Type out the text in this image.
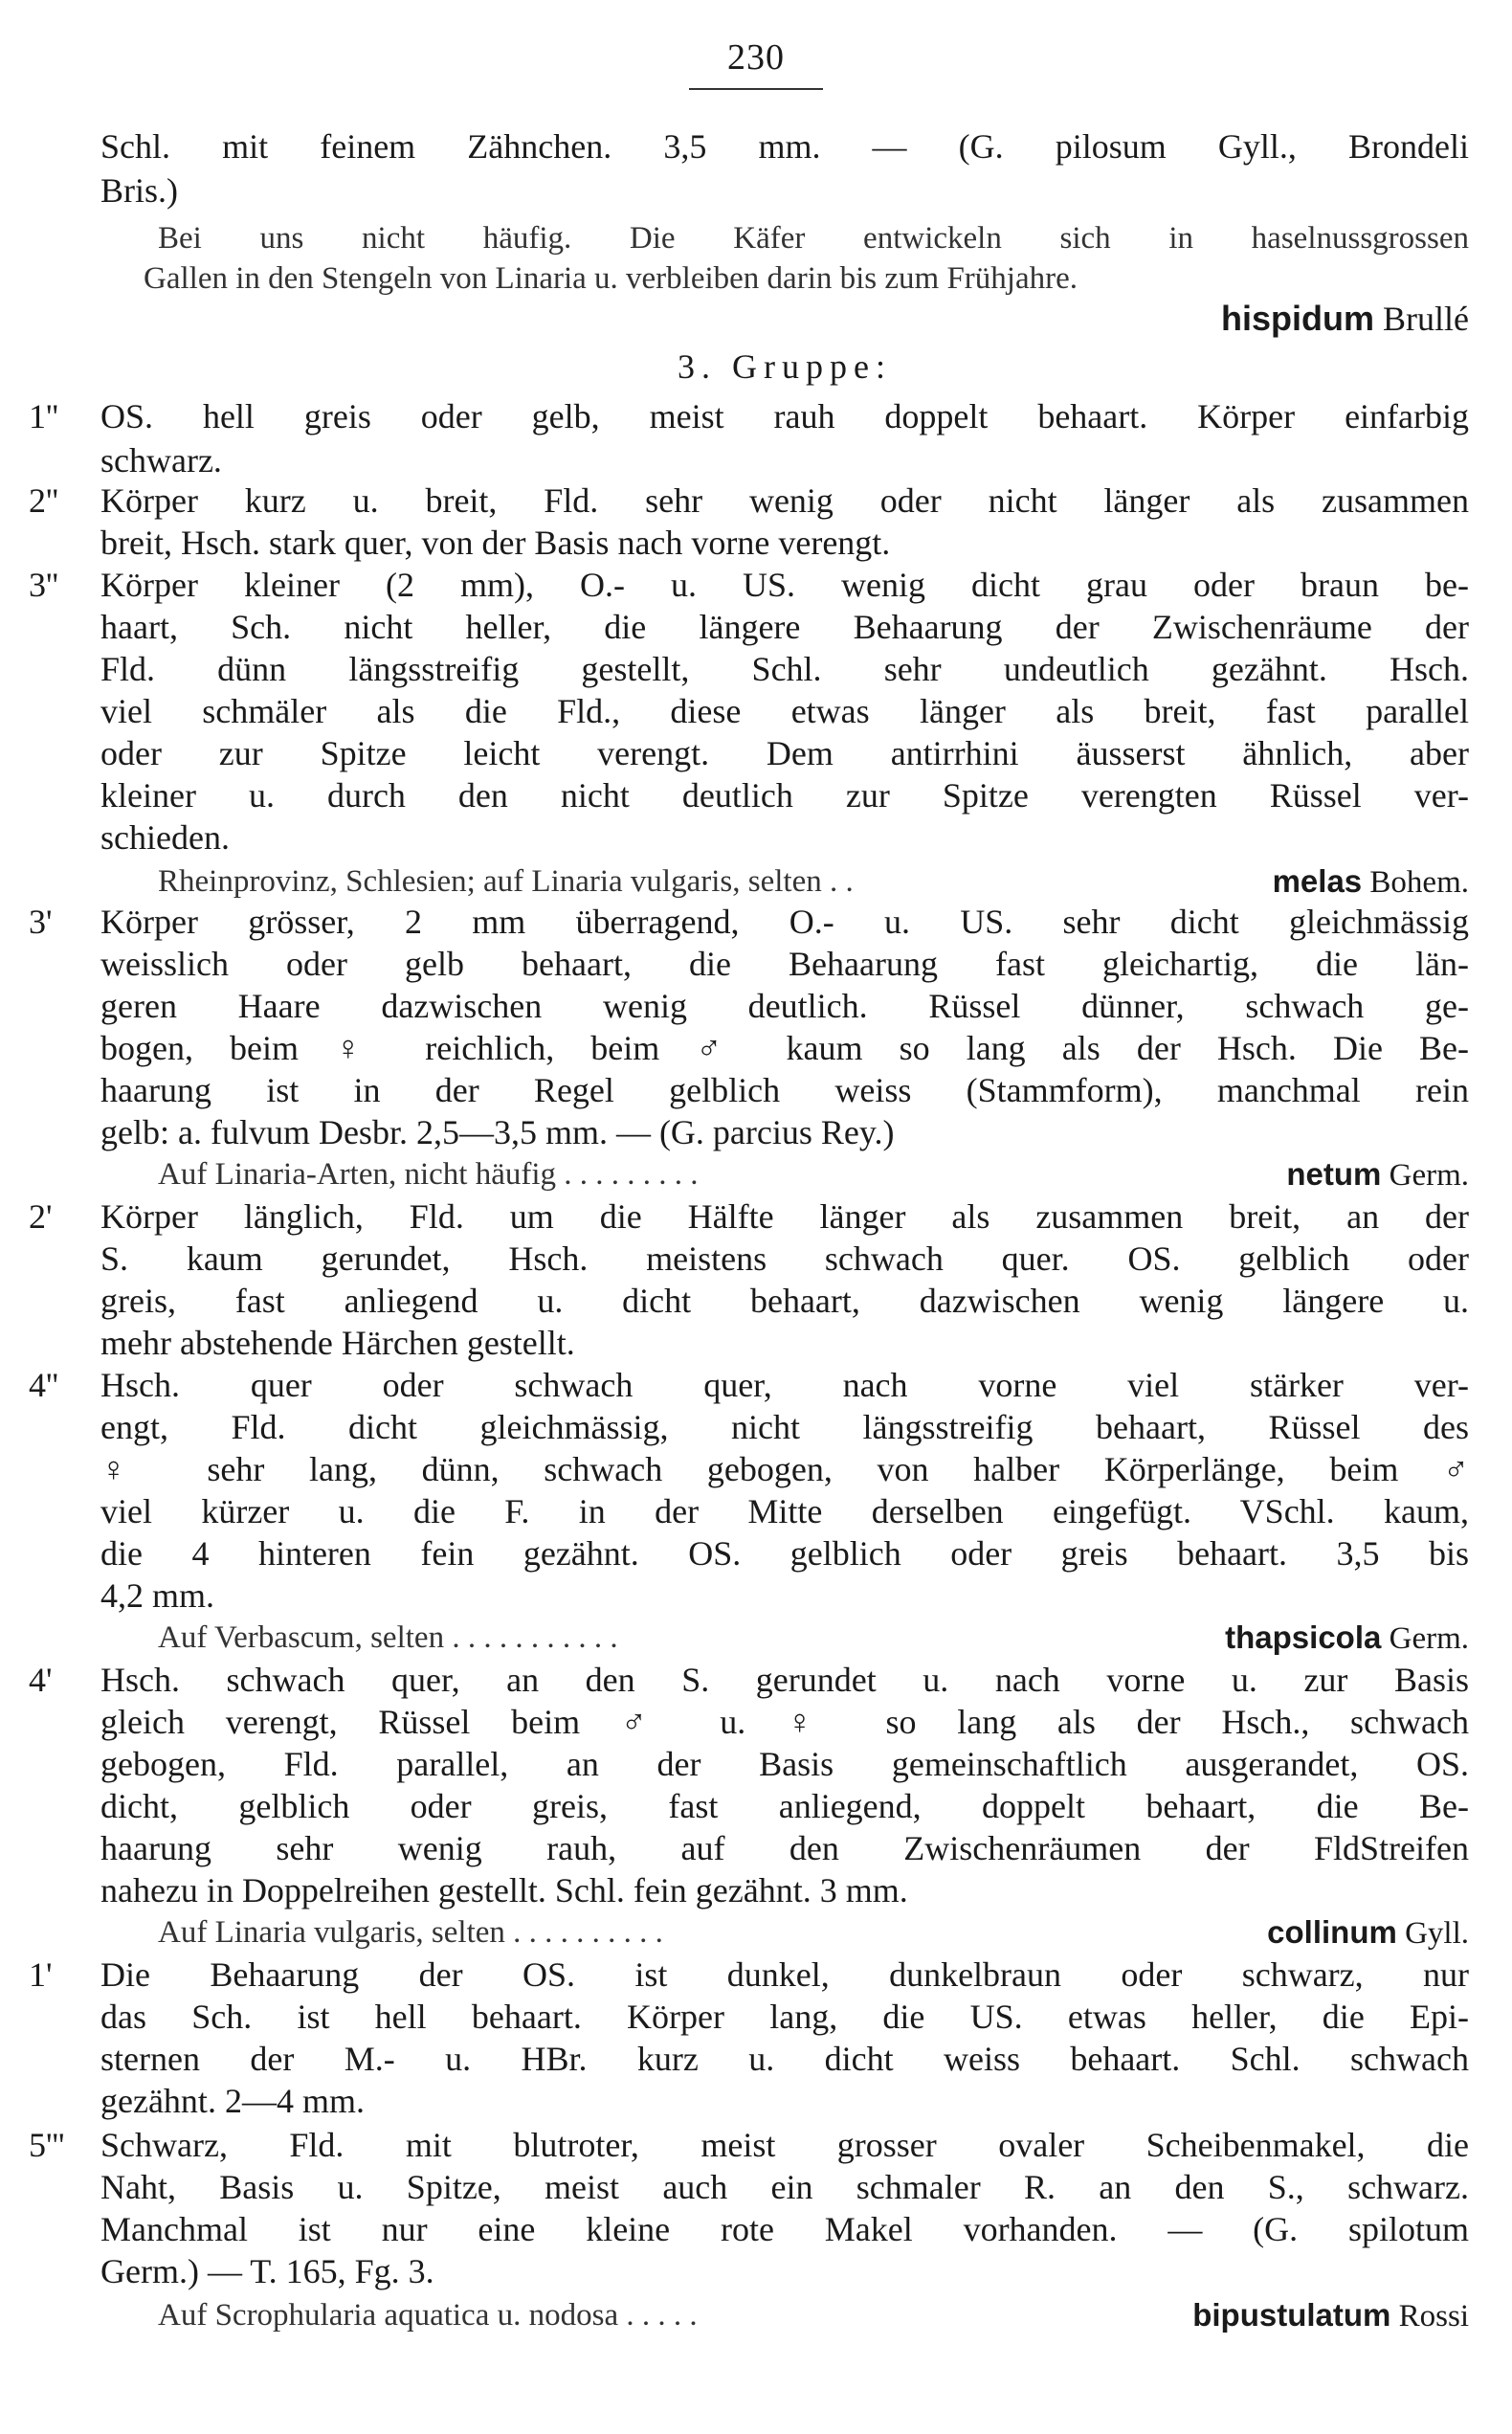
230
Schl. mit feinem Zähnchen. 3,5 mm. — (G. pilosum Gyll., Brondeli
Bris.)
Bei uns nicht häufig. Die Käfer entwickeln sich in haselnussgrossen
Gallen in den Stengeln von Linaria u. verbleiben darin bis zum Frühjahre.
hispidum Brullé
3. Gruppe:
1''	OS. hell greis oder gelb, meist rauh doppelt behaart. Körper einfarbig
schwarz.
2''	Körper kurz u. breit, Fld. sehr wenig oder nicht länger als zusammen
breit, Hsch. stark quer, von der Basis nach vorne verengt.
3''	Körper kleiner (2 mm), O.- u. US. wenig dicht grau oder braun be-
haart, Sch. nicht heller, die längere Behaarung der Zwischenräume der
Fld. dünn längsstreifig gestellt, Schl. sehr undeutlich gezähnt. Hsch.
viel schmäler als die Fld., diese etwas länger als breit, fast parallel
oder zur Spitze leicht verengt. Dem antirrhini äusserst ähnlich, aber
kleiner u. durch den nicht deutlich zur Spitze verengten Rüssel ver-
schieden.
Rheinprovinz, Schlesien; auf Linaria vulgaris, selten . .	melas Bohem.
3'	Körper grösser, 2 mm überragend, O.- u. US. sehr dicht gleichmässig
weisslich oder gelb behaart, die Behaarung fast gleichartig, die län-
geren Haare dazwischen wenig deutlich. Rüssel dünner, schwach ge-
bogen, beim ♀ reichlich, beim ♂ kaum so lang als der Hsch. Die Be-
haarung ist in der Regel gelblich weiss (Stammform), manchmal rein
gelb: a. fulvum Desbr. 2,5—3,5 mm. — (G. parcius Rey.)
Auf Linaria-Arten, nicht häufig . . . . . . . . .	netum Germ.
2'	Körper länglich, Fld. um die Hälfte länger als zusammen breit, an der
S. kaum gerundet, Hsch. meistens schwach quer. OS. gelblich oder
greis, fast anliegend u. dicht behaart, dazwischen wenig längere u.
mehr abstehende Härchen gestellt.
4''	Hsch. quer oder schwach quer, nach vorne viel stärker ver-
engt, Fld. dicht gleichmässig, nicht längsstreifig behaart, Rüssel des
♀ sehr lang, dünn, schwach gebogen, von halber Körperlänge, beim ♂
viel kürzer u. die F. in der Mitte derselben eingefügt. VSchl. kaum,
die 4 hinteren fein gezähnt. OS. gelblich oder greis behaart. 3,5 bis
4,2 mm.
Auf Verbascum, selten . . . . . . . . . . .	thapsicola Germ.
4'	Hsch. schwach quer, an den S. gerundet u. nach vorne u. zur Basis
gleich verengt, Rüssel beim ♂ u. ♀ so lang als der Hsch., schwach
gebogen, Fld. parallel, an der Basis gemeinschaftlich ausgerandet, OS.
dicht, gelblich oder greis, fast anliegend, doppelt behaart, die Be-
haarung sehr wenig rauh, auf den Zwischenräumen der FldStreifen
nahezu in Doppelreihen gestellt. Schl. fein gezähnt. 3 mm.
Auf Linaria vulgaris, selten . . . . . . . . . .	collinum Gyll.
1'	Die Behaarung der OS. ist dunkel, dunkelbraun oder schwarz, nur
das Sch. ist hell behaart. Körper lang, die US. etwas heller, die Epi-
sternen der M.- u. HBr. kurz u. dicht weiss behaart. Schl. schwach
gezähnt. 2—4 mm.
5'''	Schwarz, Fld. mit blutroter, meist grosser ovaler Scheibenmakel, die
Naht, Basis u. Spitze, meist auch ein schmaler R. an den S., schwarz.
Manchmal ist nur eine kleine rote Makel vorhanden. — (G. spilotum
Germ.) — T. 165, Fg. 3.
Auf Scrophularia aquatica u. nodosa . . . . .	bipustulatum Rossi
